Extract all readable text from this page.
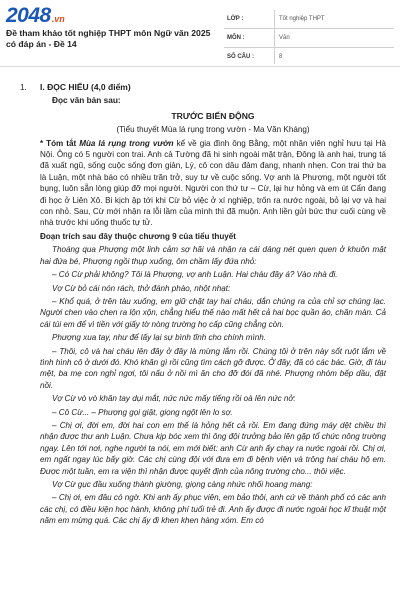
2048.vn
Đề tham khảo tốt nghiệp THPT môn Ngữ văn 2025 có đáp án - Đề 14
LỚP :	Tốt nghiệp THPT
MÔN :	Văn
SỐ CÂU :	8
1. I. ĐỌC HIỂU (4,0 điểm)
Đọc văn bản sau:
TRƯỚC BIẾN ĐỘNG
(Tiểu thuyết Mùa lá rụng trong vườn - Ma Văn Kháng)

* Tóm tắt Mùa lá rụng trong vườn kể về gia đình ông Bằng, một nhân viên nghỉ hưu tại Hà Nội. Ông có 5 người con trai. Anh cả Tường đã hi sinh ngoài mặt trận, Đông là anh hai, trung tá đã xuất ngũ, sống cuộc sống đơn giản, Lý, cô con dâu đảm đang, nhanh nhẹn. Con trai thứ ba là Luận, một nhà báo có nhiều trăn trở, suy tư về cuộc sống. Vợ anh là Phượng, một người tốt bụng, luôn sẵn lòng giúp đỡ mọi người. Người con thứ tư – Cừ, lại hư hỏng và em út Cẩn đang đi học ở Liên Xô. Bi kịch ập tới khi Cừ bỏ việc ở xí nghiệp, trốn ra nước ngoài, bỏ lại vợ và hai con nhỏ. Sau, Cừ mới nhận ra lỗi lầm của mình thì đã muộn. Anh liền gửi bức thư cuối cùng về nhà trước khi uống thuốc tự tử.

Đoạn trích sau đây thuộc chương 9 của tiểu thuyết

Thoáng qua Phượng một linh cảm sợ hãi và nhận ra cái dáng nét quen quen ở khuôn mặt hai đứa bé, Phượng ngồi thụp xuống, ôm chầm lấy đứa nhỏ:

– Có Cừ phải không? Tôi là Phượng, vợ anh Luận. Hai cháu đây á? Vào nhà đi.

Vợ Cừ bỏ cái nón rách, thở đánh phào, nhột nhạt:

– Khổ quá, ở trên tàu xuống, em giữ chặt tay hai cháu, dắn chúng ra của chỉ sợ chúng lạc. Người chen vào chen ra lộn xộn, chẳng hiểu thế nào mất hết cả hai bọc quần áo, chăn màn. Cả cái túi em để vì tiền với giấy tờ nòng trường họ cấp cũng chẳng còn.

Phượng xua tay, như để lấy lại sự bình tĩnh cho chính mình.

– Thôi, cô và hai cháu lên đây ở đây là mừng lắm rồi. Chúng tôi ở trên này sốt ruột lắm về tình hình cô ở dưới đó. Khó khăn gì rồi cũng tìm cách gỡ được. Ở đây, đã có các bác. Giờ, đi tàu mệt, ba mẹ con nghỉ ngơi, tôi nấu ở nồi mì ăn cho đỡ đói đã nhé. Phượng nhóm bếp dầu, đặt nồi.

Vợ Cừ vò vò khăn tay dụi mắt, nức nức mấy tiếng rồi oà lên nức nở:

– Cô Cừ... – Phượng gọi giật, giọng ngột lên lo sợ.

– Chị ơi, đời em, đời hai con em thế là hỏng hết cả rồi. Em đang đứng máy dệt chiều thì nhận được thư anh Luận. Chưa kịp bóc xem thì ông đội trưởng bảo lên gặp tổ chức nông trường ngay. Lên tới nơi, nghe người ta nói, em mới biết: anh Cừ anh ấy chạy ra nước ngoài rồi. Chị ơi, em ngất ngay lúc bấy giờ. Các chị cùng đội với đưa em đi bệnh viện và trông hai cháu hộ em. Được một tuần, em ra viện thì nhận được quyết định của nông trường cho... thôi việc.

Vợ Cừ gục đầu xuống thành giường, giọng càng nhức nhối hoang mang:

– Chị ơi, em đâu có ngờ. Khi anh ấy phục viên, em bảo thôi, anh cứ về thành phố có các anh các chị, có điều kiện học hành, không phí tuổi trẻ đi. Anh ấy được đi nước ngoài học kĩ thuật một năm em mừng quá. Các chị ấy đi khen khen hàng xóm. Em có
